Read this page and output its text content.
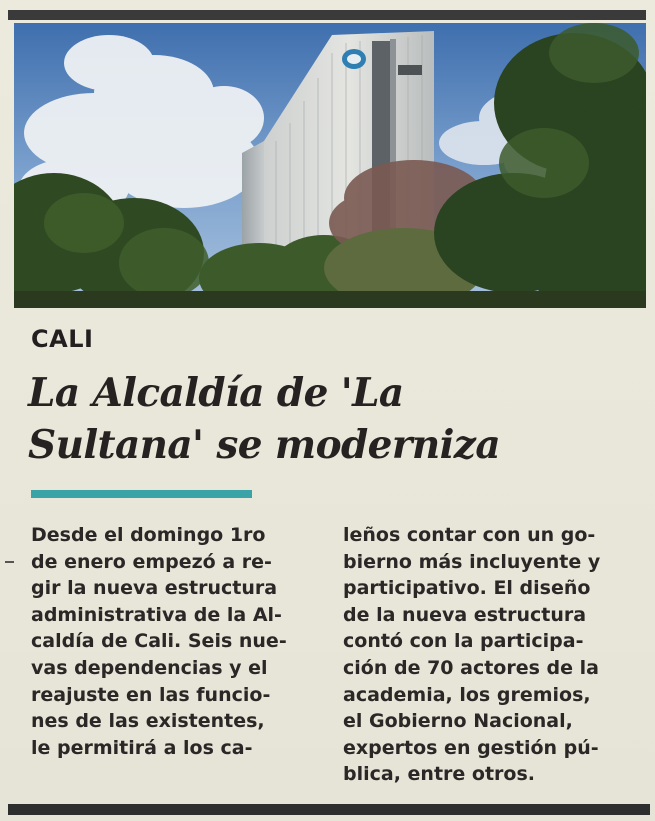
CALI
La Alcaldía de 'La
Sultana' se moderniza

Desde el domingo 1ro
de enero empezó a re-
gir la nueva estructura
administrativa de la Al-
caldía de Cali. Seis nue-
vas dependencias y el
reajuste en las funcio-
nes de las existentes,
le permitirá a los ca-

leños contar con un go-
bierno más incluyente y
participativo. El diseño
de la nueva estructura
contó con la participa-
ción de 70 actores de la
academia, los gremios,
el Gobierno Nacional,
expertos en gestión pú-
blica, entre otros.
